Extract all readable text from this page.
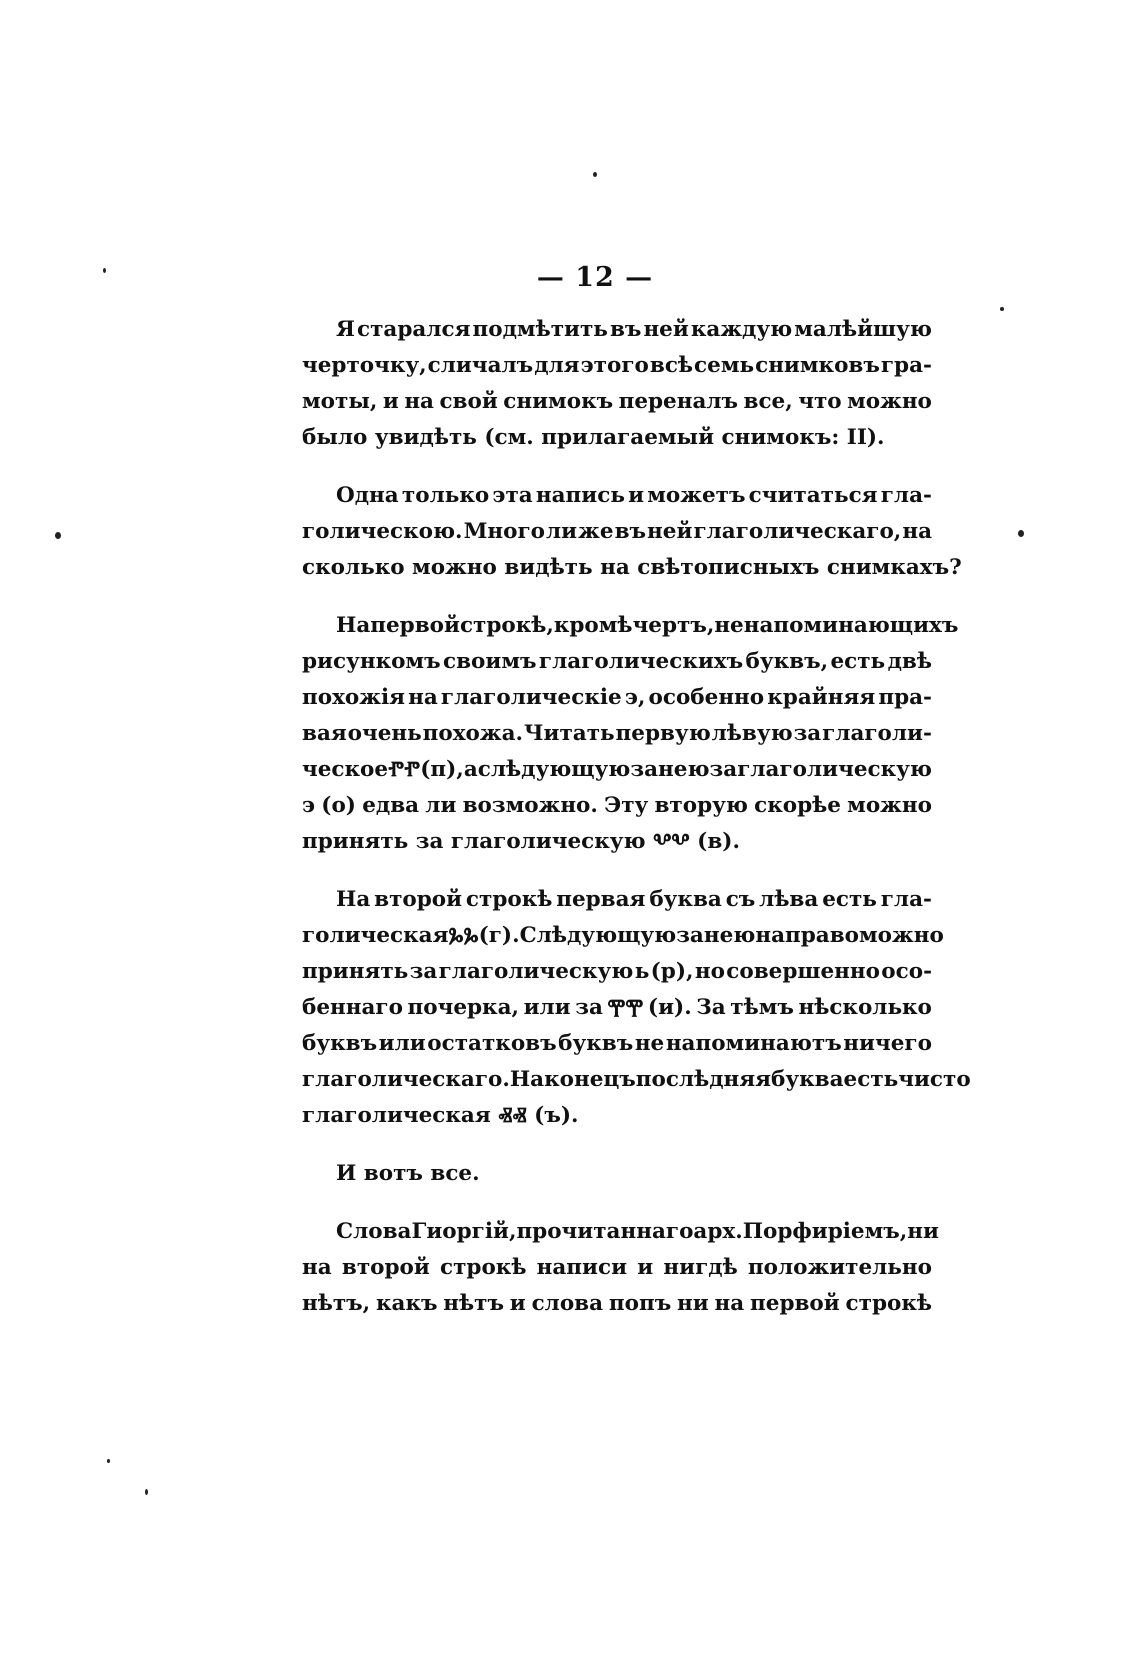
— 12 —
Я старался подмѣтить въ ней каждую малѣйшую
черточку, сличалъ для этого всѣ семь снимковъ гра-
моты, и на свой снимокъ переналъ все, что можно
было увидѣть (см. прилагаемый снимокъ: II).
Одна только эта напись и можетъ считаться гла-
голическою. Много ли же въ ней глаголическаго, на
сколько можно видѣть на свѣтописныхъ снимкахъ?
На первой строкѣ, кромѣ чертъ, ненапоминающихъ
рисункомъ своимъ глаголическихъ буквъ, есть двѣ
похожія на глаголическіе э, особенно крайняя пра-
вая очень похожа. Читать первую лѣвую за глаголи-
ческое ⰒⰒ (п), а слѣдующую за нею за глаголическую
э (о) едва ли возможно. Эту вторую скорѣе можно
принять за глаголическую ⰂⰂ (в).
На второй строкѣ первая буква съ лѣва есть гла-
голическая ⰃⰃ (г). Слѣдующую за нею на право можно
принять за глаголическую ь (р), но совершенно осо-
беннаго почерка, или за ⰉⰉ (и). За тѣмъ нѣсколько
буквъ или остатковъ буквъ не напоминаютъ ничего
глаголическаго. Наконецъ послѣдняя буква есть чисто
глаголическая ⰟⰟ (ъ).
И вотъ все.
Слова Гиоргій, прочитаннаго арх. Порфиріемъ, ни
на второй строкѣ написи и нигдѣ положительно
нѣтъ, какъ нѣтъ и слова попъ ни на первой строкѣ
